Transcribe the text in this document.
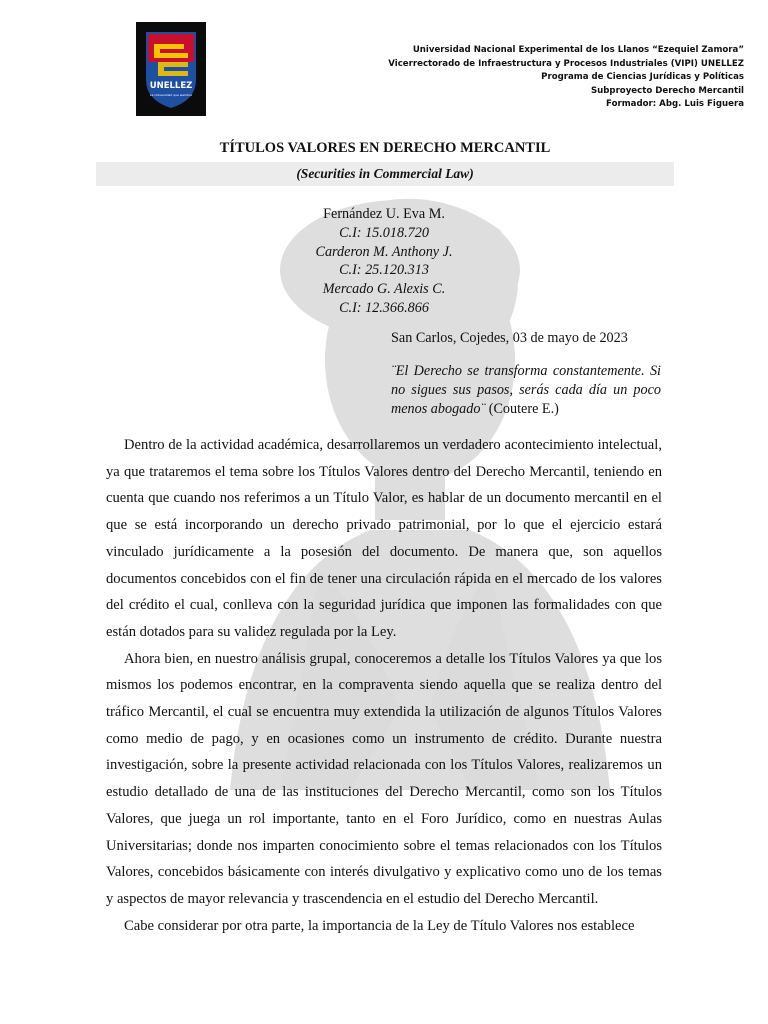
UNELLEZ
La Universidad que siembra
Universidad Nacional Experimental de los Llanos “Ezequiel Zamora”
Vicerrectorado de Infraestructura y Procesos Industriales (VIPI) UNELLEZ
Programa de Ciencias Jurídicas y Políticas
Subproyecto Derecho Mercantil
Formador: Abg. Luis Figuera
TÍTULOS VALORES EN DERECHO MERCANTIL
(Securities in Commercial Law)
Fernández U. Eva M.
C.I: 15.018.720
Carderon M. Anthony J.
C.I: 25.120.313
Mercado G. Alexis C.
C.I: 12.366.866
San Carlos, Cojedes, 03 de mayo de 2023
¨El Derecho se transforma constantemente. Si no sigues sus pasos, serás cada día un poco menos abogado¨ (Coutere E.)

Dentro de la actividad académica, desarrollaremos un verdadero acontecimiento intelectual, ya que trataremos el tema sobre los Títulos Valores dentro del Derecho Mercantil, teniendo en cuenta que cuando nos referimos a un Título Valor, es hablar de un documento mercantil en el que se está incorporando un derecho privado patrimonial, por lo que el ejercicio estará vinculado jurídicamente a la posesión del documento. De manera que, son aquellos documentos concebidos con el fin de tener una circulación rápida en el mercado de los valores del crédito el cual, conlleva con la seguridad jurídica que imponen las formalidades con que están dotados para su validez regulada por la Ley.

Ahora bien, en nuestro análisis grupal, conoceremos a detalle los Títulos Valores ya que los mismos los podemos encontrar, en la compraventa siendo aquella que se realiza dentro del tráfico Mercantil, el cual se encuentra muy extendida la utilización de algunos Títulos Valores como medio de pago, y en ocasiones como un instrumento de crédito. Durante nuestra investigación, sobre la presente actividad relacionada con los Títulos Valores, realizaremos un estudio detallado de una de las instituciones del Derecho Mercantil, como son los Títulos Valores, que juega un rol importante, tanto en el Foro Jurídico, como en nuestras Aulas Universitarias; donde nos imparten conocimiento sobre el temas relacionados con los Títulos Valores, concebidos básicamente con interés divulgativo y explicativo como uno de los temas y aspectos de mayor relevancia y trascendencia en el estudio del Derecho Mercantil.

Cabe considerar por otra parte, la importancia de la Ley de Título Valores nos establece
